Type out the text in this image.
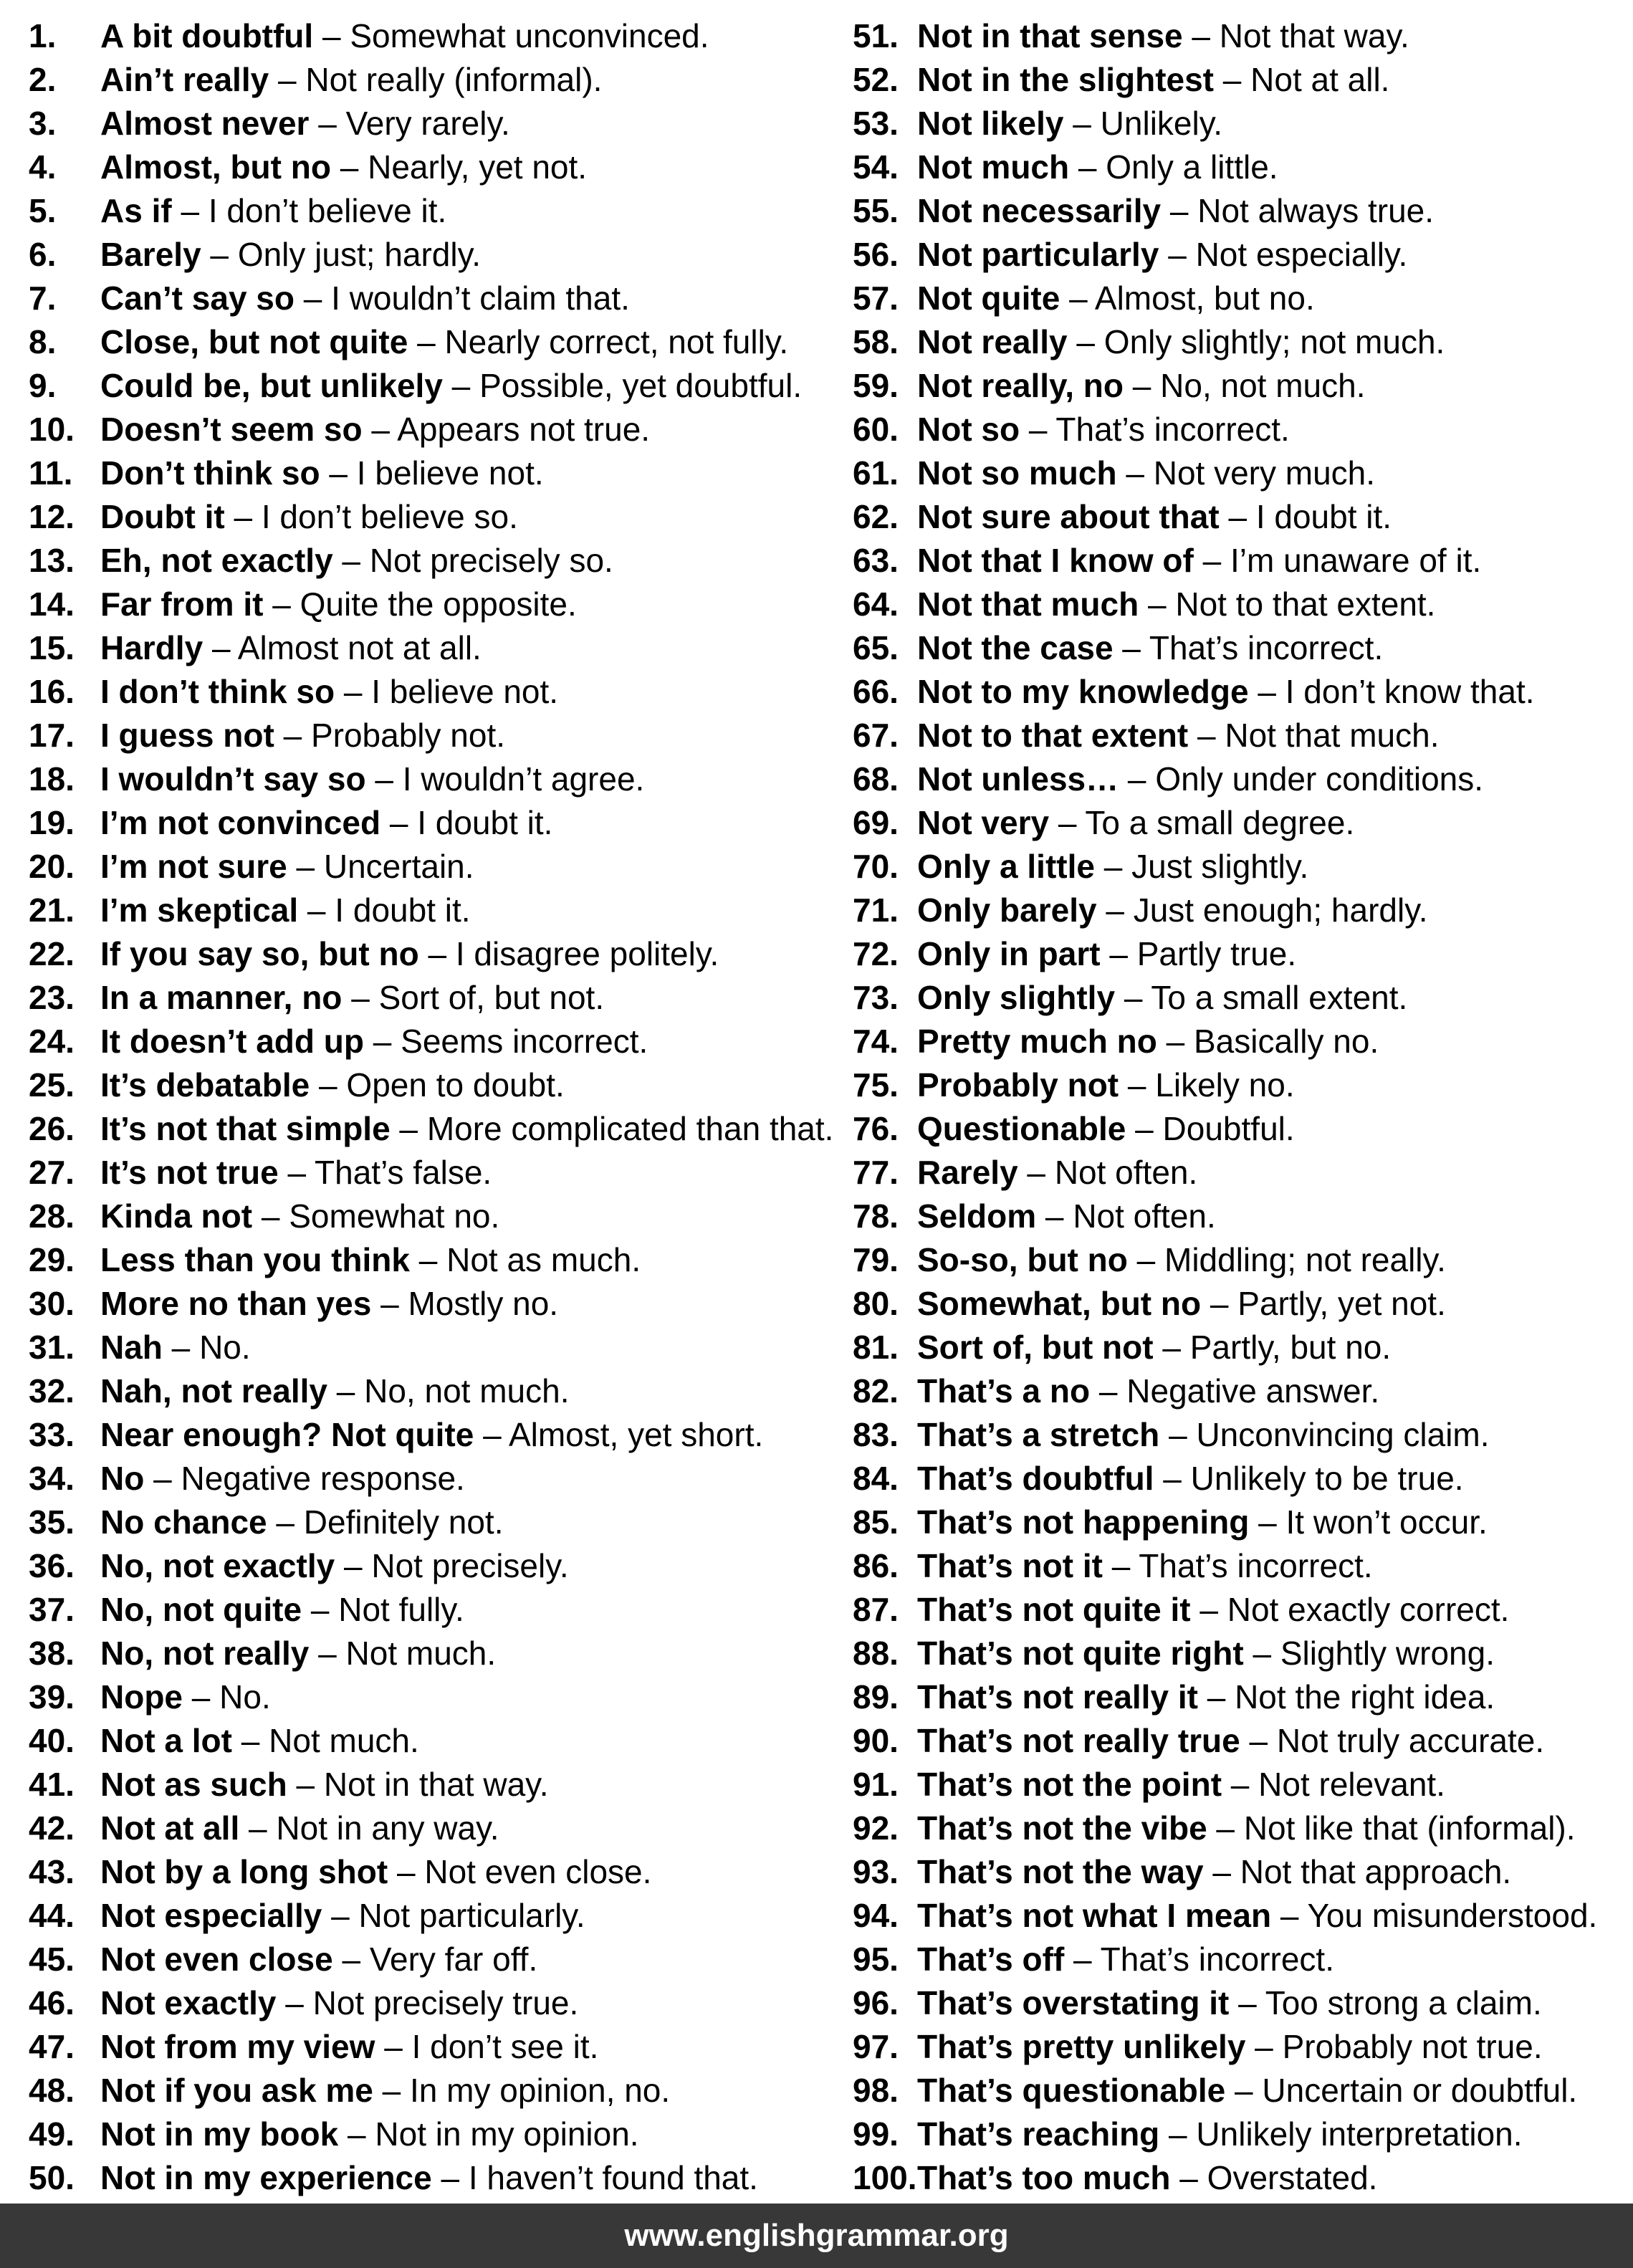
1.	A bit doubtful – Somewhat unconvinced.
2.	Ain’t really – Not really (informal).
3.	Almost never – Very rarely.
4.	Almost, but no – Nearly, yet not.
5.	As if – I don’t believe it.
6.	Barely – Only just; hardly.
7.	Can’t say so – I wouldn’t claim that.
8.	Close, but not quite – Nearly correct, not fully.
9.	Could be, but unlikely – Possible, yet doubtful.
10. Doesn’t seem so – Appears not true.
11. Don’t think so – I believe not.
12. Doubt it – I don’t believe so.
13. Eh, not exactly – Not precisely so.
14. Far from it – Quite the opposite.
15. Hardly – Almost not at all.
16. I don’t think so – I believe not.
17. I guess not – Probably not.
18. I wouldn’t say so – I wouldn’t agree.
19. I’m not convinced – I doubt it.
20. I’m not sure – Uncertain.
21. I’m skeptical – I doubt it.
22. If you say so, but no – I disagree politely.
23. In a manner, no – Sort of, but not.
24. It doesn’t add up – Seems incorrect.
25. It’s debatable – Open to doubt.
26. It’s not that simple – More complicated than that.
27. It’s not true – That’s false.
28. Kinda not – Somewhat no.
29. Less than you think – Not as much.
30. More no than yes – Mostly no.
31. Nah – No.
32. Nah, not really – No, not much.
33. Near enough? Not quite – Almost, yet short.
34. No – Negative response.
35. No chance – Definitely not.
36. No, not exactly – Not precisely.
37. No, not quite – Not fully.
38. No, not really – Not much.
39. Nope – No.
40. Not a lot – Not much.
41. Not as such – Not in that way.
42. Not at all – Not in any way.
43. Not by a long shot – Not even close.
44. Not especially – Not particularly.
45. Not even close – Very far off.
46. Not exactly – Not precisely true.
47. Not from my view – I don’t see it.
48. Not if you ask me – In my opinion, no.
49. Not in my book – Not in my opinion.
50. Not in my experience – I haven’t found that.
51. Not in that sense – Not that way.
52. Not in the slightest – Not at all.
53. Not likely – Unlikely.
54. Not much – Only a little.
55. Not necessarily – Not always true.
56. Not particularly – Not especially.
57. Not quite – Almost, but no.
58. Not really – Only slightly; not much.
59. Not really, no – No, not much.
60. Not so – That’s incorrect.
61. Not so much – Not very much.
62. Not sure about that – I doubt it.
63. Not that I know of – I’m unaware of it.
64. Not that much – Not to that extent.
65. Not the case – That’s incorrect.
66. Not to my knowledge – I don’t know that.
67. Not to that extent – Not that much.
68. Not unless… – Only under conditions.
69. Not very – To a small degree.
70. Only a little – Just slightly.
71. Only barely – Just enough; hardly.
72. Only in part – Partly true.
73. Only slightly – To a small extent.
74. Pretty much no – Basically no.
75. Probably not – Likely no.
76. Questionable – Doubtful.
77. Rarely – Not often.
78. Seldom – Not often.
79. So-so, but no – Middling; not really.
80. Somewhat, but no – Partly, yet not.
81. Sort of, but not – Partly, but no.
82. That’s a no – Negative answer.
83. That’s a stretch – Unconvincing claim.
84. That’s doubtful – Unlikely to be true.
85. That’s not happening – It won’t occur.
86. That’s not it – That’s incorrect.
87. That’s not quite it – Not exactly correct.
88. That’s not quite right – Slightly wrong.
89. That’s not really it – Not the right idea.
90. That’s not really true – Not truly accurate.
91. That’s not the point – Not relevant.
92. That’s not the vibe – Not like that (informal).
93. That’s not the way – Not that approach.
94. That’s not what I mean – You misunderstood.
95. That’s off – That’s incorrect.
96. That’s overstating it – Too strong a claim.
97. That’s pretty unlikely – Probably not true.
98. That’s questionable – Uncertain or doubtful.
99. That’s reaching – Unlikely interpretation.
100. That’s too much – Overstated.
www.englishgrammar.org
